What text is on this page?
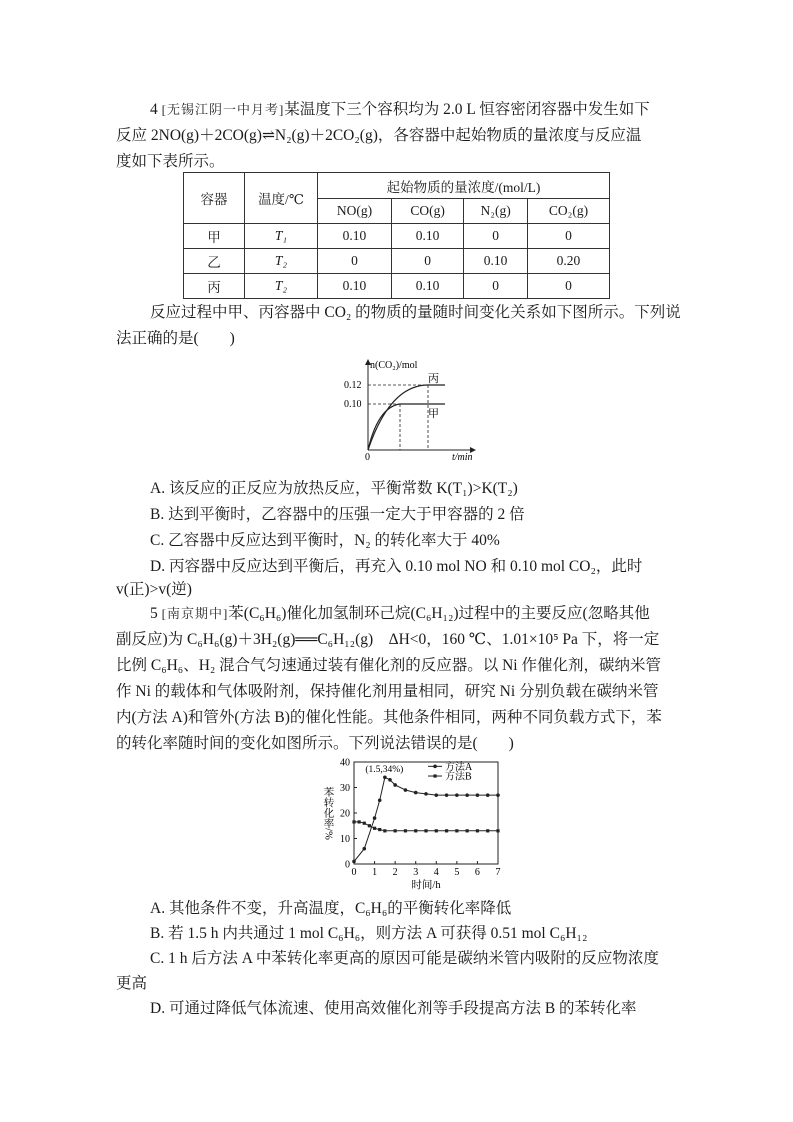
4 [无锡江阴一中月考]某温度下三个容积均为 2.0 L 恒容密闭容器中发生如下
反应 2NO(g)＋2CO(g)⇌N₂(g)＋2CO₂(g)，各容器中起始物质的量浓度与反应温
度如下表所示。
容器	温度/℃	起始物质的量浓度/(mol/L)			
		NO(g)	CO(g)	N₂(g)	CO₂(g)
甲	T₁	0.10	0.10	0	0
乙	T₂	0	0	0.10	0.20
丙	T₂	0.10	0.10	0	0
反应过程中甲、丙容器中 CO₂ 的物质的量随时间变化关系如下图所示。下列说
法正确的是(　　)
n(CO₂)/mol
0.12
0.10
0	t/min
丙
甲
A. 该反应的正反应为放热反应，平衡常数 K(T₁)>K(T₂)
B. 达到平衡时，乙容器中的压强一定大于甲容器的 2 倍
C. 乙容器中反应达到平衡时，N₂ 的转化率大于 40%
D. 丙容器中反应达到平衡后，再充入 0.10 mol NO 和 0.10 mol CO₂，此时
v(正)>v(逆)
5 [南京期中]苯(C₆H₆)催化加氢制环己烷(C₆H₁₂)过程中的主要反应(忽略其他
副反应)为 C₆H₆(g)＋3H₂(g)══C₆H₁₂(g)　ΔH<0，160 ℃、1.01×10⁵ Pa 下，将一定
比例 C₆H₆、H₂ 混合气匀速通过装有催化剂的反应器。以 Ni 作催化剂，碳纳米管
作 Ni 的载体和气体吸附剂，保持催化剂用量相同，研究 Ni 分别负载在碳纳米管
内(方法 A)和管外(方法 B)的催化性能。其他条件相同，两种不同负载方式下，苯
的转化率随时间的变化如图所示。下列说法错误的是(　　)
0
10
20
30
40
0 1 2 3 4 5 6 7
时间/h
苯转化率/%
(1.5,34%)	方法A
方法B
A. 其他条件不变，升高温度，C₆H₆的平衡转化率降低
B. 若 1.5 h 内共通过 1 mol C₆H₆，则方法 A 可获得 0.51 mol C₆H₁₂
C. 1 h 后方法 A 中苯转化率更高的原因可能是碳纳米管内吸附的反应物浓度
更高
D. 可通过降低气体流速、使用高效催化剂等手段提高方法 B 的苯转化率
